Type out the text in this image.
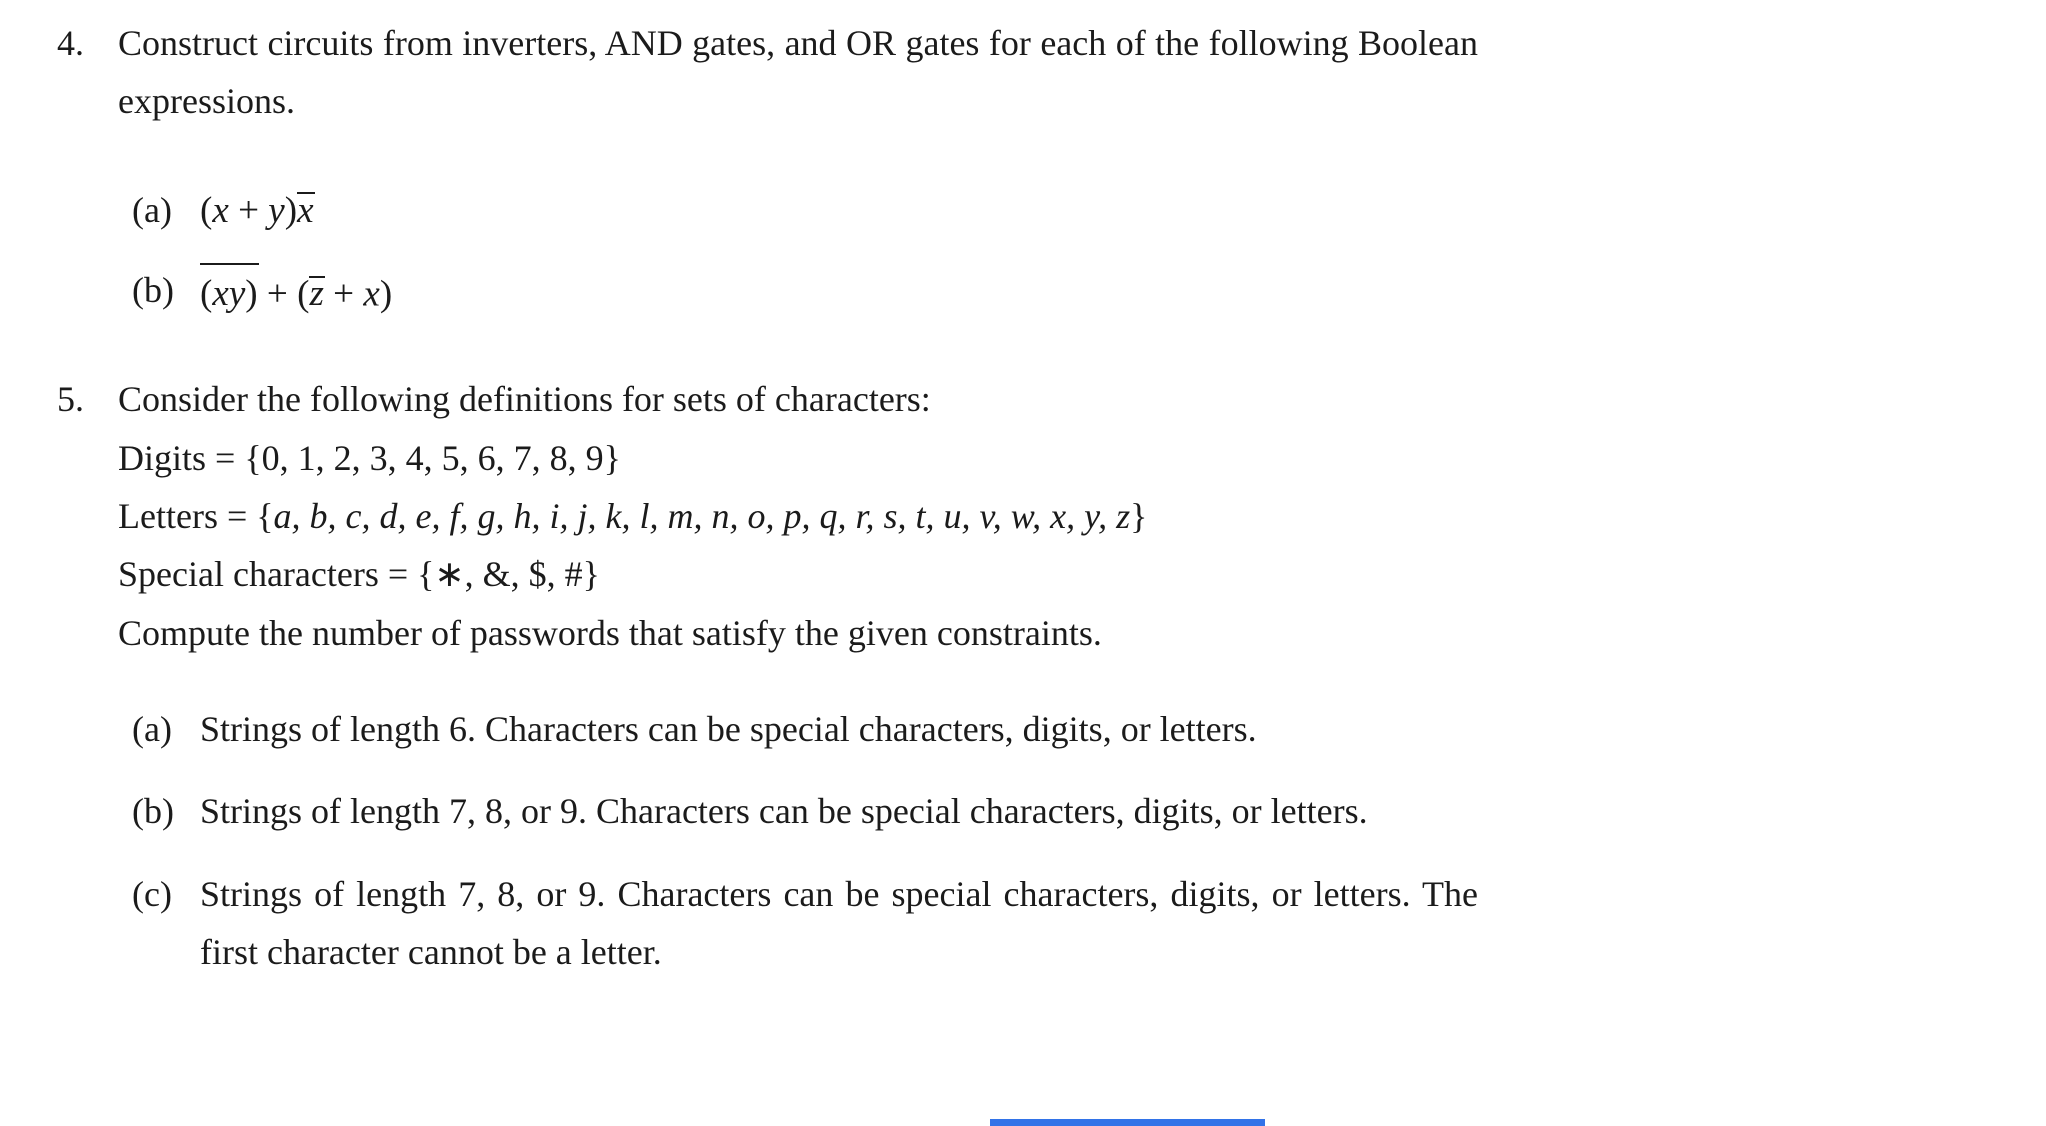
4. Construct circuits from inverters, AND gates, and OR gates for each of the following Boolean expressions.

(a) (x + y)x
(b) (xy) + (z + x)
5. Consider the following definitions for sets of characters:

Digits = {0, 1, 2, 3, 4, 5, 6, 7, 8, 9}

Letters = {a, b, c, d, e, f, g, h, i, j, k, l, m, n, o, p, q, r, s, t, u, v, w, x, y, z}

Special characters = {∗, &, $, #}

Compute the number of passwords that satisfy the given constraints.

(a) Strings of length 6. Characters can be special characters, digits, or letters.

(b) Strings of length 7, 8, or 9. Characters can be special characters, digits, or letters.

(c) Strings of length 7, 8, or 9. Characters can be special characters, digits, or letters. The first character cannot be a letter.
